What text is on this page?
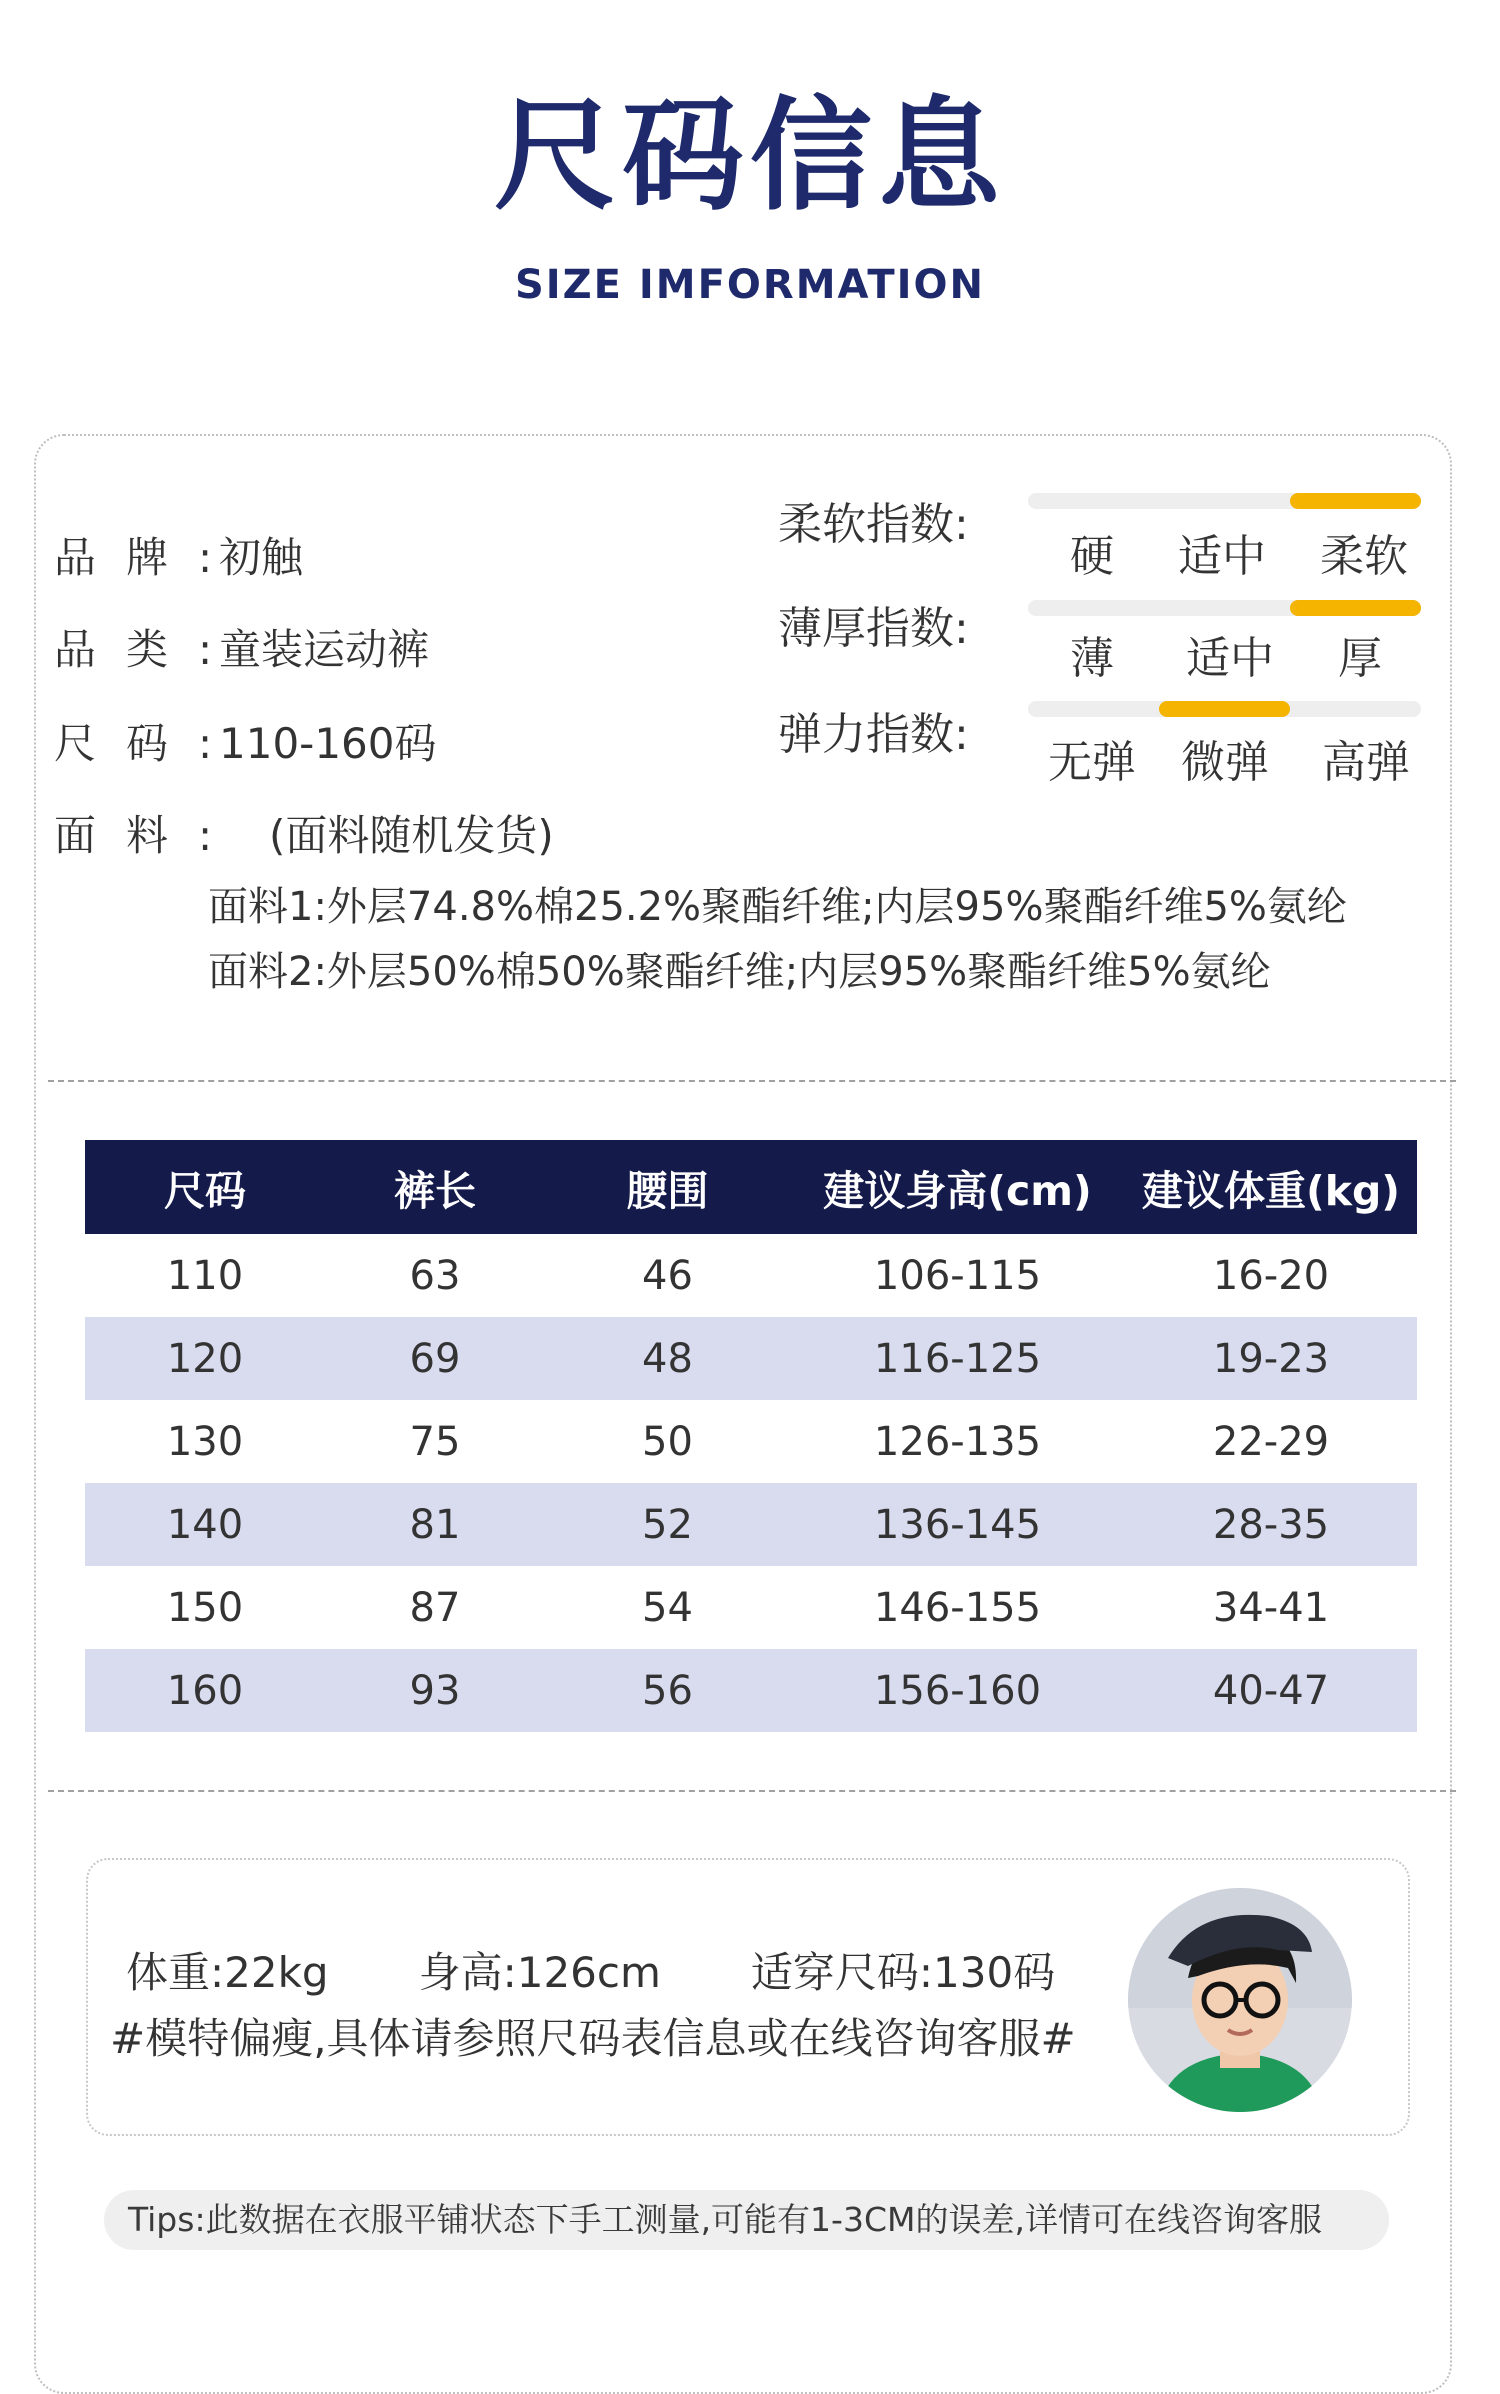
尺码信息
SIZE IMFORMATION
品牌:初触
品类:童装运动裤
尺码:110-160码
面料: (面料随机发货)
面料1:外层74.8%棉25.2%聚酯纤维;内层95%聚酯纤维5%氨纶
面料2:外层50%棉50%聚酯纤维;内层95%聚酯纤维5%氨纶
柔软指数:
硬 适中 柔软
薄厚指数:
薄 适中 厚
弹力指数:
无弹 微弹 高弹
尺码	裤长	腰围	建议身高(cm)	建议体重(kg)
110	63	46	106-115	16-20
120	69	48	116-125	19-23
130	75	50	126-135	22-29
140	81	52	136-145	28-35
150	87	54	146-155	34-41
160	93	56	156-160	40-47
体重:22kg 身高:126cm 适穿尺码:130码
#模特偏瘦,具体请参照尺码表信息或在线咨询客服#
Tips:此数据在衣服平铺状态下手工测量,可能有1-3CM的误差,详情可在线咨询客服
